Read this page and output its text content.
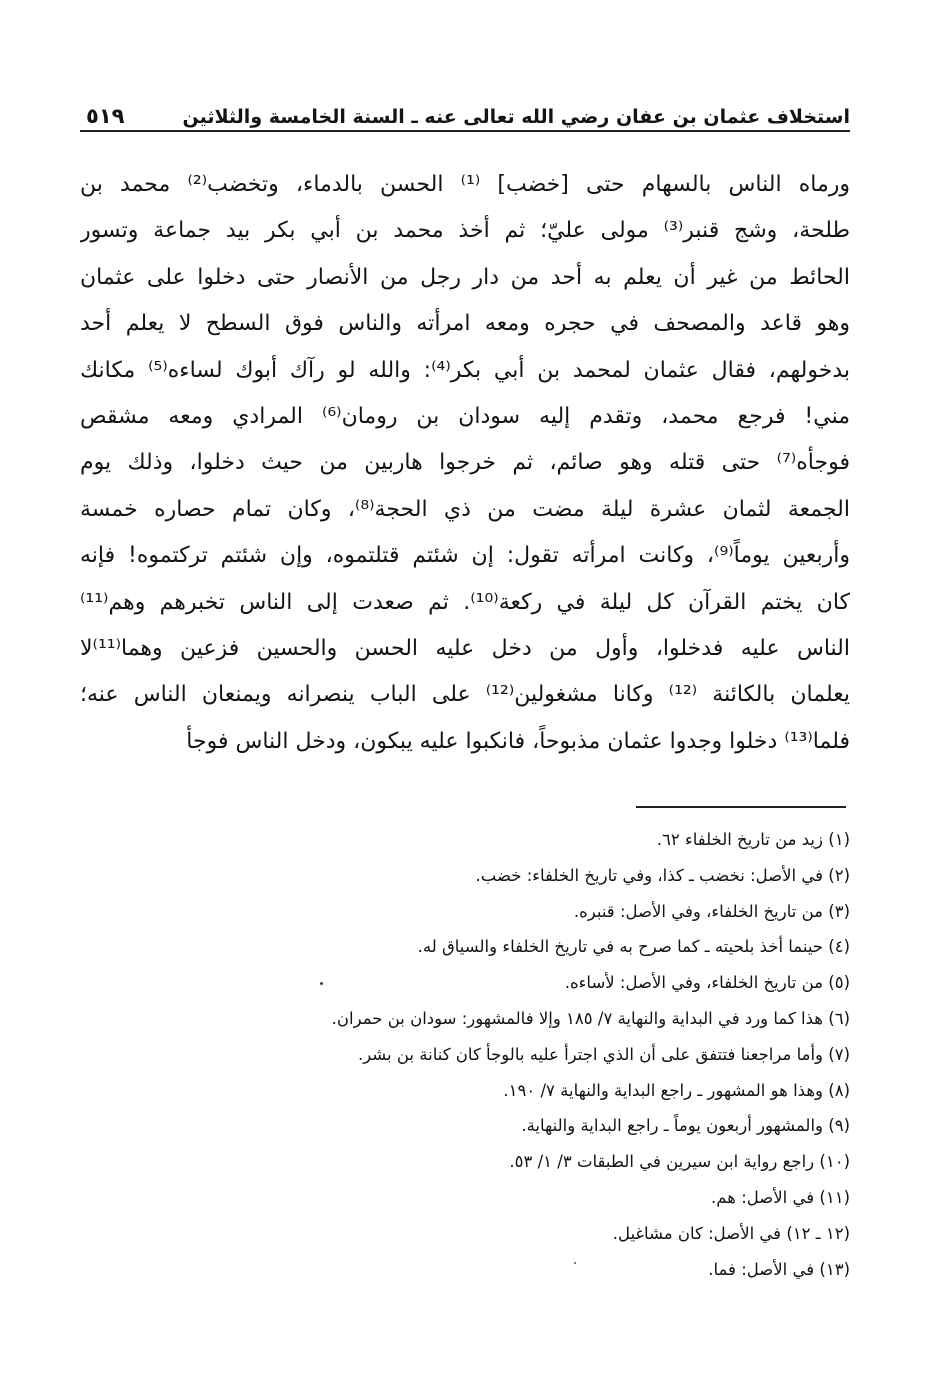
٥١٩	استخلاف عثمان بن عفان رضي الله تعالى عنه ـ السنة الخامسة والثلاثين
ورماه الناس بالسهام حتى [خضب] ⁽¹⁾ الحسن بالدماء، وتخضب⁽²⁾ محمد بن
طلحة، وشج قنبر⁽³⁾ مولى عليّ؛ ثم أخذ محمد بن أبي بكر بيد جماعة وتسور
الحائط من غير أن يعلم به أحد من دار رجل من الأنصار حتى دخلوا على عثمان
وهو قاعد والمصحف في حجره ومعه امرأته والناس فوق السطح لا يعلم أحد
بدخولهم، فقال عثمان لمحمد بن أبي بكر⁽⁴⁾: والله لو رآك أبوك لساءه⁽⁵⁾ مكانك
مني! فرجع محمد، وتقدم إليه سودان بن رومان⁽⁶⁾ المرادي ومعه مشقص
فوجأه⁽⁷⁾ حتى قتله وهو صائم، ثم خرجوا هاربين من حيث دخلوا، وذلك يوم
الجمعة لثمان عشرة ليلة مضت من ذي الحجة⁽⁸⁾، وكان تمام حصاره خمسة
وأربعين يوماً⁽⁹⁾، وكانت امرأته تقول: إن شئتم قتلتموه، وإن شئتم تركتموه! فإنه
كان يختم القرآن كل ليلة في ركعة⁽¹⁰⁾. ثم صعدت إلى الناس تخبرهم وهم⁽¹¹⁾
الناس عليه فدخلوا، وأول من دخل عليه الحسن والحسين فزعين وهما⁽¹¹⁾لا
يعلمان بالكائنة ⁽¹²⁾ وكانا مشغولين⁽¹²⁾ على الباب ينصرانه ويمنعان الناس عنه؛
فلما⁽¹³⁾ دخلوا وجدوا عثمان مذبوحاً، فانكبوا عليه يبكون، ودخل الناس فوجأ
(١) زيد من تاريخ الخلفاء ٦٢.
(٢) في الأصل: نخضب ـ كذا، وفي تاريخ الخلفاء: خضب.
(٣) من تاريخ الخلفاء، وفي الأصل: قنبره.
(٤) حينما أخذ بلحيته ـ كما صرح به في تاريخ الخلفاء والسياق له.
(٥) من تاريخ الخلفاء، وفي الأصل: لأساءه.
(٦) هذا كما ورد في البداية والنهاية ٧/ ١٨٥ وإلا فالمشهور: سودان بن حمران.
(٧) وأما مراجعنا فتتفق على أن الذي اجترأ عليه بالوجأ كان كنانة بن بشر.
(٨) وهذا هو المشهور ـ راجع البداية والنهاية ٧/ ١٩٠.
(٩) والمشهور أربعون يوماً ـ راجع البداية والنهاية.
(١٠) راجع رواية ابن سيرين في الطبقات ٣/ ١/ ٥٣.
(١١) في الأصل: هم.
(١٢ ـ ١٢) في الأصل: كان مشاغيل.
(١٣) في الأصل: فما.
